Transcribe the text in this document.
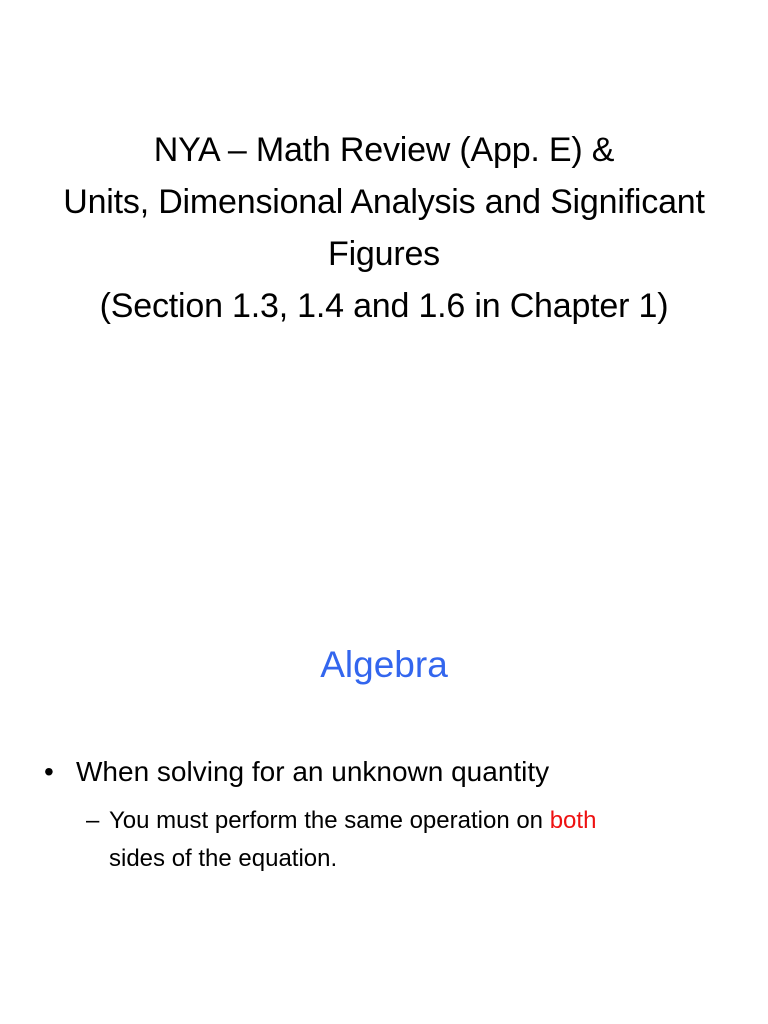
NYA – Math Review (App. E) &
Units, Dimensional Analysis and Significant
Figures
(Section 1.3, 1.4 and 1.6 in Chapter 1)
Algebra
• When solving for an unknown quantity
– You must perform the same operation on both
sides of the equation.
